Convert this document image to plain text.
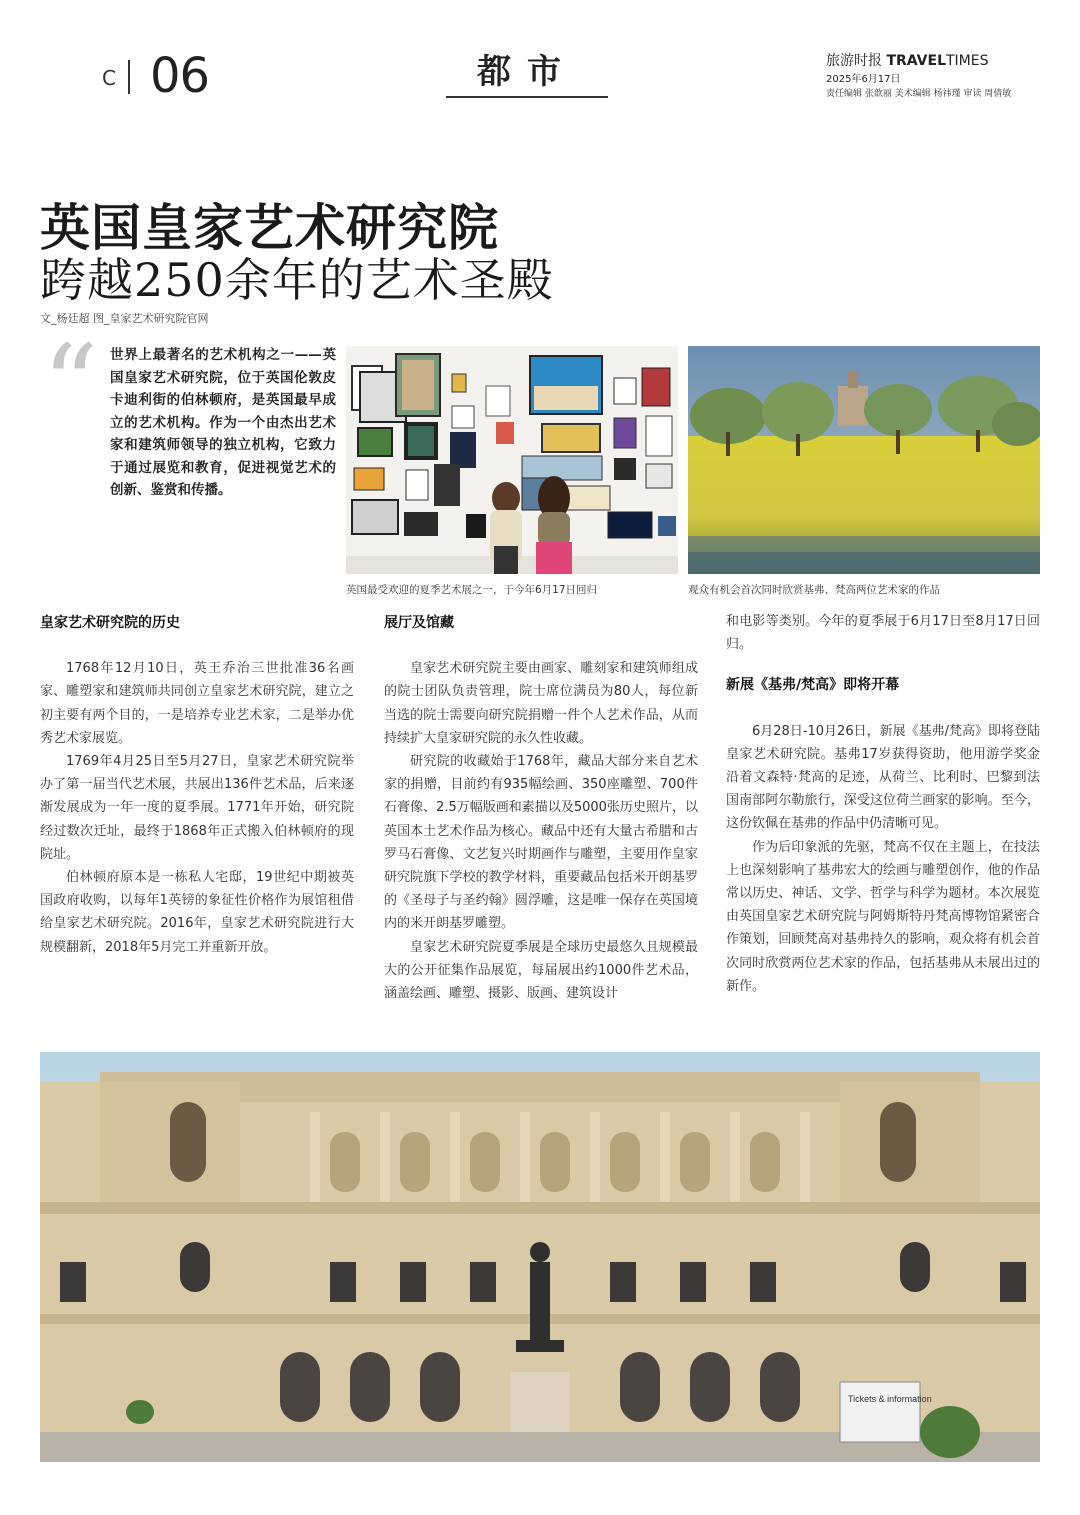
C 06	都市	旅游时报 TRAVELTIMES
2025年6月17日
责任编辑 张歆丽 美术编辑 杨祎瑾 审读 周倩敏
英国皇家艺术研究院
跨越250余年的艺术圣殿
文_杨廷超 图_皇家艺术研究院官网
“ 世界上最著名的艺术机构之一——英国皇家艺术研究院，位于英国伦敦皮卡迪利街的伯林顿府，是英国最早成立的艺术机构。作为一个由杰出艺术家和建筑师领导的独立机构，它致力于通过展览和教育，促进视觉艺术的创新、鉴赏和传播。
英国最受欢迎的夏季艺术展之一，于今年6月17日回归	观众有机会首次同时欣赏基弗、梵高两位艺术家的作品
皇家艺术研究院的历史

1768年12月10日，英王乔治三世批准36名画家、雕塑家和建筑师共同创立皇家艺术研究院，建立之初主要有两个目的，一是培养专业艺术家，二是举办优秀艺术家展览。

1769年4月25日至5月27日，皇家艺术研究院举办了第一届当代艺术展，共展出136件艺术品，后来逐渐发展成为一年一度的夏季展。1771年开始，研究院经过数次迁址，最终于1868年正式搬入伯林顿府的现院址。

伯林顿府原本是一栋私人宅邸，19世纪中期被英国政府收购，以每年1英镑的象征性价格作为展馆租借给皇家艺术研究院。2016年，皇家艺术研究院进行大规模翻新，2018年5月完工并重新开放。

展厅及馆藏

皇家艺术研究院主要由画家、雕刻家和建筑师组成的院士团队负责管理，院士席位满员为80人，每位新当选的院士需要向研究院捐赠一件个人艺术作品，从而持续扩大皇家研究院的永久性收藏。

研究院的收藏始于1768年，藏品大部分来自艺术家的捐赠，目前约有935幅绘画、350座雕塑、700件石膏像、2.5万幅版画和素描以及5000张历史照片，以英国本土艺术作品为核心。藏品中还有大量古希腊和古罗马石膏像、文艺复兴时期画作与雕塑，主要用作皇家研究院旗下学校的教学材料，重要藏品包括米开朗基罗的《圣母子与圣约翰》圆浮雕，这是唯一保存在英国境内的米开朗基罗雕塑。

皇家艺术研究院夏季展是全球历史最悠久且规模最大的公开征集作品展览，每届展出约1000件艺术品，涵盖绘画、雕塑、摄影、版画、建筑设计

和电影等类别。今年的夏季展于6月17日至8月17日回归。

新展《基弗/梵高》即将开幕

6月28日-10月26日，新展《基弗/梵高》即将登陆皇家艺术研究院。基弗17岁获得资助，他用游学奖金沿着文森特·梵高的足迹，从荷兰、比利时、巴黎到法国南部阿尔勒旅行，深受这位荷兰画家的影响。至今，这份钦佩在基弗的作品中仍清晰可见。

作为后印象派的先驱，梵高不仅在主题上，在技法上也深刻影响了基弗宏大的绘画与雕塑创作，他的作品常以历史、神话、文学、哲学与科学为题材。本次展览由英国皇家艺术研究院与阿姆斯特丹梵高博物馆紧密合作策划，回顾梵高对基弗持久的影响，观众将有机会首次同时欣赏两位艺术家的作品，包括基弗从未展出过的新作。

Tickets & information
